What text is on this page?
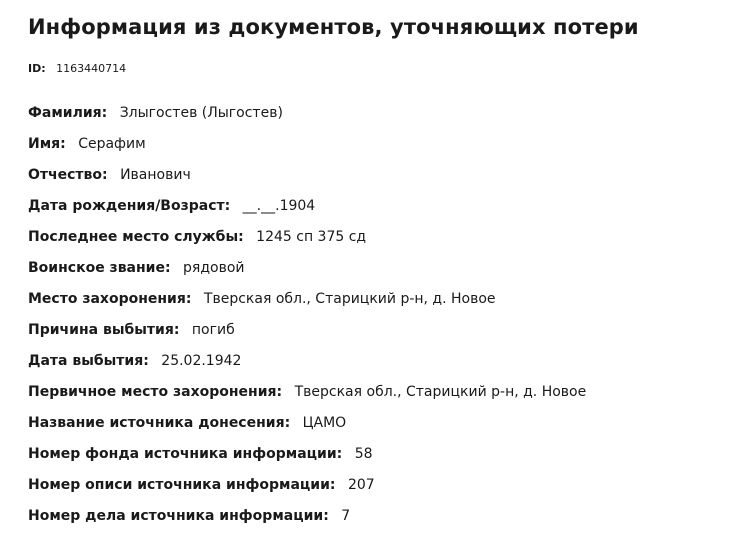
Информация из документов, уточняющих потери
ID: 1163440714
Фамилия: Злыгостев (Лыгостев)
Имя: Серафим
Отчество: Иванович
Дата рождения/Возраст: __.__.1904
Последнее место службы: 1245 сп 375 сд
Воинское звание: рядовой
Место захоронения: Тверская обл., Старицкий р-н, д. Новое
Причина выбытия: погиб
Дата выбытия: 25.02.1942
Первичное место захоронения: Тверская обл., Старицкий р-н, д. Новое
Название источника донесения: ЦАМО
Номер фонда источника информации: 58
Номер описи источника информации: 207
Номер дела источника информации: 7
